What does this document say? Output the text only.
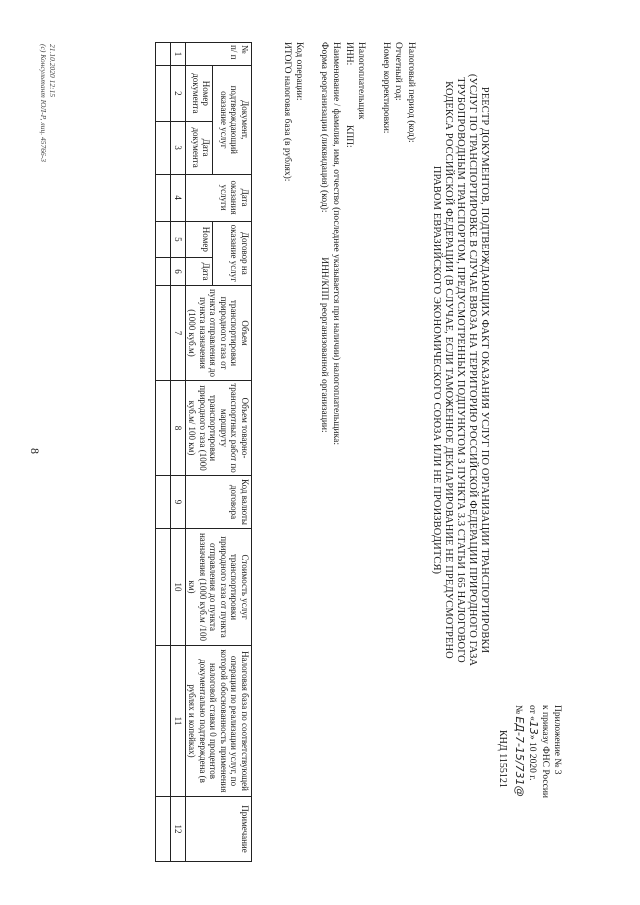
8
Приложение № 3
к приказу ФНС России
от «13» 10 2020 г.
№ ЕД-7-15/731@
КНД 1155121
РЕЕСТР ДОКУМЕНТОВ, ПОДТВЕРЖДАЮЩИХ ФАКТ ОКАЗАНИЯ УСЛУГ ПО ОРГАНИЗАЦИИ ТРАНСПОРТИРОВКИ (УСЛУГ ПО ТРАНСПОРТИРОВКЕ В СЛУЧАЕ ВВОЗА НА ТЕРРИТОРИЮ РОССИЙСКОЙ ФЕДЕРАЦИИ ПРИРОДНОГО ГАЗА ТРУБОПРОВОДНЫМ ТРАНСПОРТОМ, ПРЕДУСМОТРЕННЫХ ПОДПУНКТОМ 3 ПУНКТА 3.3 СТАТЬИ 165 НАЛОГОВОГО КОДЕКСА РОССИЙСКОЙ ФЕДЕРАЦИИ (В СЛУЧАЕ, ЕСЛИ ТАМОЖЕННОЕ ДЕКЛАРИРОВАНИЕ НЕ ПРЕДУСМОТРЕНО ПРАВОМ ЕВРАЗИЙСКОГО ЭКОНОМИЧЕСКОГО СОЮЗА ИЛИ НЕ ПРОИЗВОДИТСЯ)
Налоговый период (код):
Отчетный год:
Номер корректировки:
Налогоплательщик
ИНН:  КПП:
Наименование / фамилия, имя, отчество (последнее указывается при наличии) налогоплательщика:
Форма реорганизации (ликвидация) (код):  ИНН/КПП реорганизованной организации:
Код операции:
ИТОГО налоговая база (в рублях):
№ п/ п	Документ, подтверждающий оказание услуг		Дата оказания услуги	Договор на оказание услуг		Объем транспортировки природного газа от пункта отправления до пункта назначения (1000 куб.м)	Объем товарно-транспортных работ по маршруту транспортировки природного газа (1000 куб.м/ 100 км)	Код валюты договора	Стоимость услуг транспортировки природного газа от пункта отправления до пункта назначения (1000 куб.м /100 км)	Налоговая база по соответствующей операции по реализации услуг, по которой обоснованность применения налоговой ставки 0 процентов документально подтверждена (в рублях и копейках)	Примечание
	Номер документа	Дата документа		Номер	Дата						
1	2	3	4	5	6	7	8	9	10	11	12

21.10.2020 12:15
(c) Консультант ЮЛ-Р, лиц. 45766-3
